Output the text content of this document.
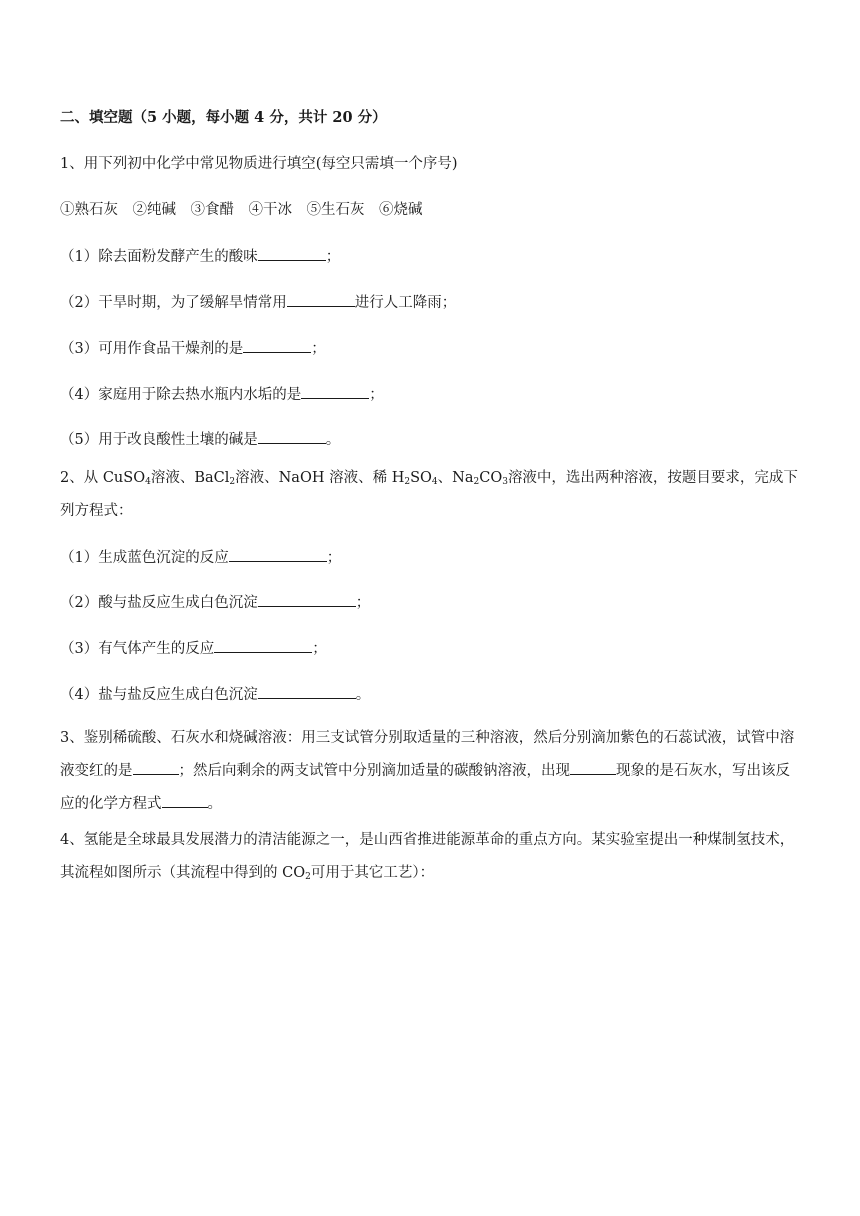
二、填空题（5 小题，每小题 4 分，共计 20 分）
1、用下列初中化学中常见物质进行填空(每空只需填一个序号)
①熟石灰　②纯碱　③食醋　④干冰　⑤生石灰　⑥烧碱
（1）除去面粉发酵产生的酸味	；
（2）干旱时期，为了缓解旱情常用	进行人工降雨；
（3）可用作食品干燥剂的是	；
（4）家庭用于除去热水瓶内水垢的是	；
（5）用于改良酸性土壤的碱是	。
2、从 CuSO$_4$溶液、BaCl$_2$溶液、NaOH 溶液、稀 $H_2SO_4$、$Na_2CO_3$溶液中，选出两种溶液，按题目要求，完成下列方程式：
（1）生成蓝色沉淀的反应	；
（2）酸与盐反应生成白色沉淀	；
（3）有气体产生的反应	；
（4）盐与盐反应生成白色沉淀	。
3、鉴别稀硫酸、石灰水和烧碱溶液：用三支试管分别取适量的三种溶液，然后分别滴加紫色的石蕊试液，试管中溶液变红的是	；然后向剩余的两支试管中分别滴加适量的碳酸钠溶液，出现	现象的是石灰水，写出该反应的化学方程式	。
4、氢能是全球最具发展潜力的清洁能源之一，是山西省推进能源革命的重点方向。某实验室提出一种煤制氢技术，其流程如图所示（其流程中得到的 $CO_2$可用于其它工艺）：
